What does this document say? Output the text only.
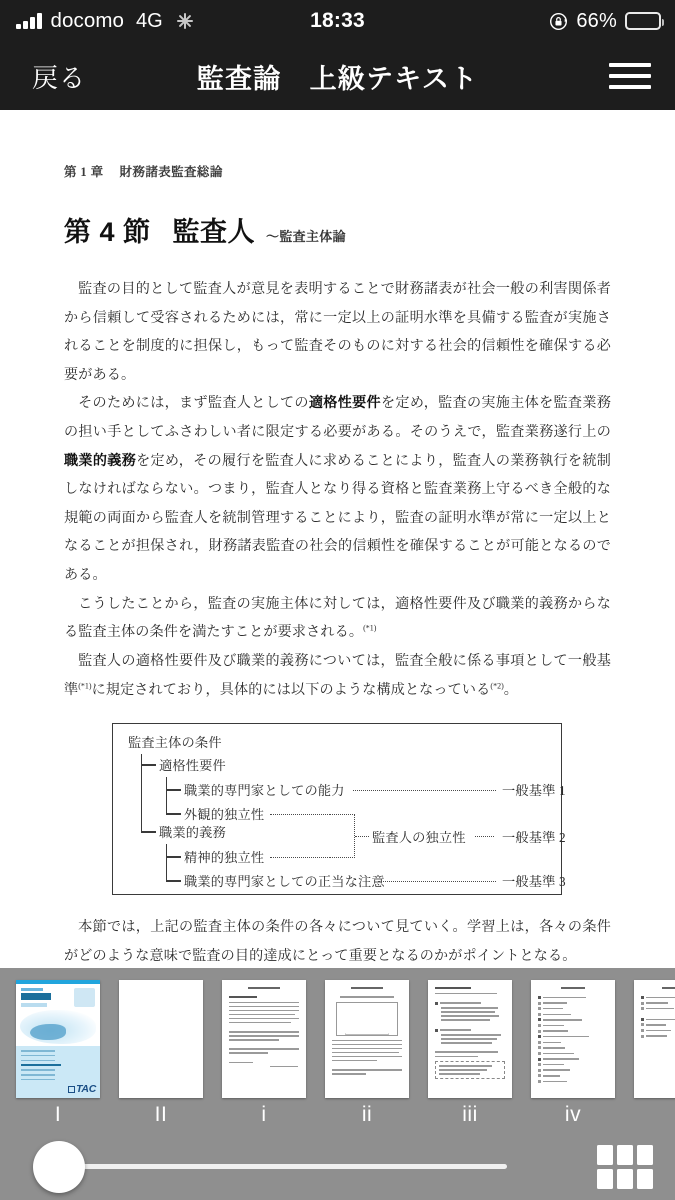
docomo 4G	18:33	66%
戻る	監査論　上級テキスト
第 1 章 財務諸表監査総論
第 4 節 監査人 ～監査主体論

監査の目的として監査人が意見を表明することで財務諸表が社会一般の利害関係者から信頼して受容されるためには，常に一定以上の証明水準を具備する監査が実施されることを制度的に担保し，もって監査そのものに対する社会的信頼性を確保する必要がある。

そのためには，まず監査人としての適格性要件を定め，監査の実施主体を監査業務の担い手としてふさわしい者に限定する必要がある。そのうえで，監査業務遂行上の職業的義務を定め，その履行を監査人に求めることにより，監査人の業務執行を統制しなければならない。つまり，監査人となり得る資格と監査業務上守るべき全般的な規範の両面から監査人を統制管理することにより，監査の証明水準が常に一定以上となることが担保され，財務諸表監査の社会的信頼性を確保することが可能となるのである。

こうしたことから，監査の実施主体に対しては，適格性要件及び職業的義務からなる監査主体の条件を満たすことが要求される。$^{(*1)}$

監査人の適格性要件及び職業的義務については，監査全般に係る事項として一般基準$^{(*1)}$に規定されており，具体的には以下のような構成となっている$^{(*2)}$。

監査主体の条件
適格性要件
職業的専門家としての能力	一般基準 1
外観的独立性
職業的義務
精神的独立性
職業的専門家としての正当な注意	一般基準 3
監査人の独立性	一般基準 2

本節では，上記の監査主体の条件の各々について見ていく。学習上は，各々の条件がどのような意味で監査の目的達成にとって重要となるのかがポイントとなる。

TAC
I	II	i	ii	iii	iv
